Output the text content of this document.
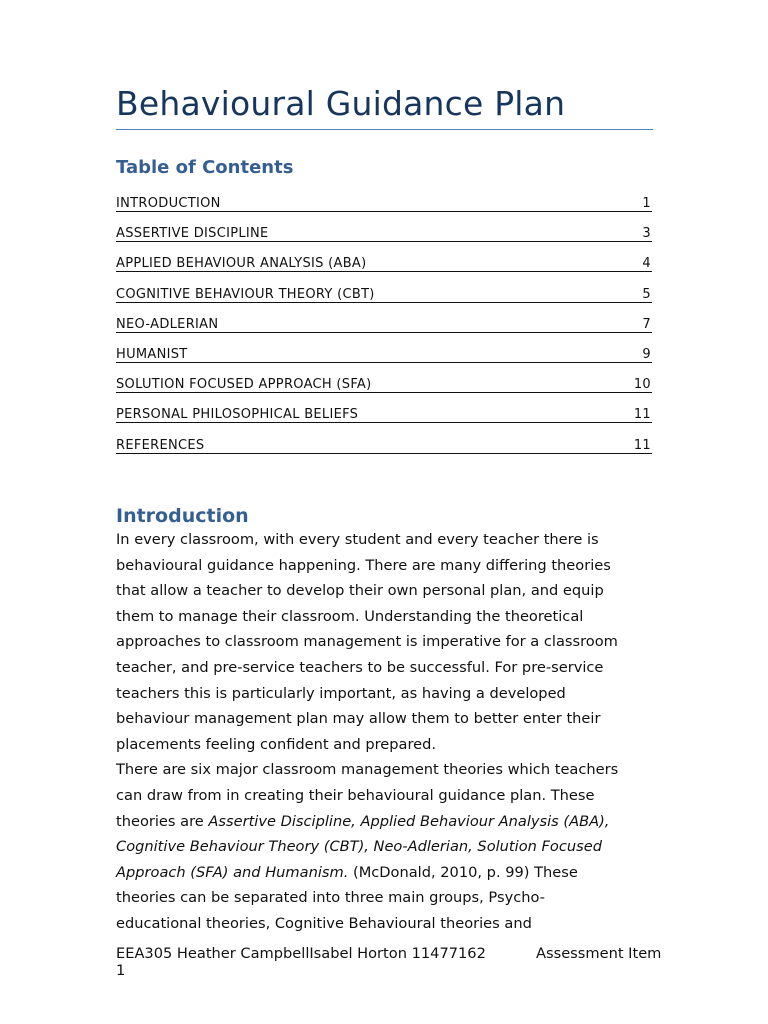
Behavioural Guidance Plan
Table of Contents
INTRODUCTION	1
ASSERTIVE DISCIPLINE	3
APPLIED BEHAVIOUR ANALYSIS (ABA)	4
COGNITIVE BEHAVIOUR THEORY (CBT)	5
NEO-ADLERIAN	7
HUMANIST	9
SOLUTION FOCUSED APPROACH (SFA)	10
PERSONAL PHILOSOPHICAL BELIEFS	11
REFERENCES	11
Introduction
In every classroom, with every student and every teacher there is
behavioural guidance happening. There are many differing theories
that allow a teacher to develop their own personal plan, and equip
them to manage their classroom. Understanding the theoretical
approaches to classroom management is imperative for a classroom
teacher, and pre-service teachers to be successful. For pre-service
teachers this is particularly important, as having a developed
behaviour management plan may allow them to better enter their
placements feeling confident and prepared.
There are six major classroom management theories which teachers
can draw from in creating their behavioural guidance plan. These
theories are Assertive Discipline, Applied Behaviour Analysis (ABA),
Cognitive Behaviour Theory (CBT), Neo-Adlerian, Solution Focused
Approach (SFA) and Humanism. (McDonald, 2010, p. 99) These
theories can be separated into three main groups, Psycho-
educational theories, Cognitive Behavioural theories and
EEA305 Heather CampbellIsabel Horton 11477162	Assessment Item
1
